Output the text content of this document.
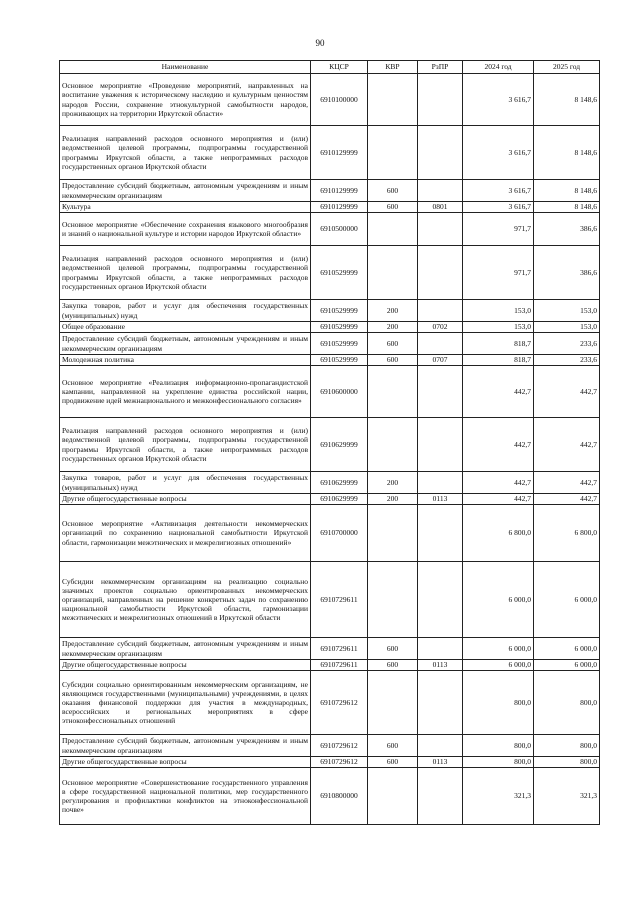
90
Наименование	КЦСР	КВР	РзПР	2024 год	2025 год
Основное мероприятие «Проведение мероприятий, направленных на воспитание уважения к историческому наследию и культурным ценностям народов России, сохранение этнокультурной самобытности народов, проживающих на территории Иркутской области»	6910100000			3 616,7	8 148,6
Реализация направлений расходов основного мероприятия и (или) ведомственной целевой программы, подпрограммы государственной программы Иркутской области, а также непрограммных расходов государственных органов Иркутской области	6910129999			3 616,7	8 148,6
Предоставление субсидий бюджетным, автономным учреждениям и иным некоммерческим организациям	6910129999	600		3 616,7	8 148,6
Культура	6910129999	600	0801	3 616,7	8 148,6
Основное мероприятие «Обеспечение сохранения языкового многообразия и знаний о национальной культуре и истории народов Иркутской области»	6910500000			971,7	386,6
Реализация направлений расходов основного мероприятия и (или) ведомственной целевой программы, подпрограммы государственной программы Иркутской области, а также непрограммных расходов государственных органов Иркутской области	6910529999			971,7	386,6
Закупка товаров, работ и услуг для обеспечения государственных (муниципальных) нужд	6910529999	200		153,0	153,0
Общее образование	6910529999	200	0702	153,0	153,0
Предоставление субсидий бюджетным, автономным учреждениям и иным некоммерческим организациям	6910529999	600		818,7	233,6
Молодежная политика	6910529999	600	0707	818,7	233,6
Основное мероприятие «Реализация информационно-пропагандистской кампании, направленной на укрепление единства российской нации, продвижение идей межнационального и межконфессионального согласия»	6910600000			442,7	442,7
Реализация направлений расходов основного мероприятия и (или) ведомственной целевой программы, подпрограммы государственной программы Иркутской области, а также непрограммных расходов государственных органов Иркутской области	6910629999			442,7	442,7
Закупка товаров, работ и услуг для обеспечения государственных (муниципальных) нужд	6910629999	200		442,7	442,7
Другие общегосударственные вопросы	6910629999	200	0113	442,7	442,7
Основное мероприятие «Активизация деятельности некоммерческих организаций по сохранению национальной самобытности Иркутской области, гармонизации межэтнических и межрелигиозных отношений»	6910700000			6 800,0	6 800,0
Субсидии некоммерческим организациям на реализацию социально значимых проектов социально ориентированных некоммерческих организаций, направленных на решение конкретных задач по сохранению национальной самобытности Иркутской области, гармонизации межэтнических и межрелигиозных отношений в Иркутской области	6910729611			6 000,0	6 000,0
Предоставление субсидий бюджетным, автономным учреждениям и иным некоммерческим организациям	6910729611	600		6 000,0	6 000,0
Другие общегосударственные вопросы	6910729611	600	0113	6 000,0	6 000,0
Субсидии социально ориентированным некоммерческим организациям, не являющимся государственными (муниципальными) учреждениями, в целях оказания финансовой поддержки для участия в международных, всероссийских и региональных мероприятиях в сфере этноконфессиональных отношений	6910729612			800,0	800,0
Предоставление субсидий бюджетным, автономным учреждениям и иным некоммерческим организациям	6910729612	600		800,0	800,0
Другие общегосударственные вопросы	6910729612	600	0113	800,0	800,0
Основное мероприятие «Совершенствование государственного управления в сфере государственной национальной политики, мер государственного регулирования и профилактики конфликтов на этноконфессиональной почве»	6910800000			321,3	321,3
